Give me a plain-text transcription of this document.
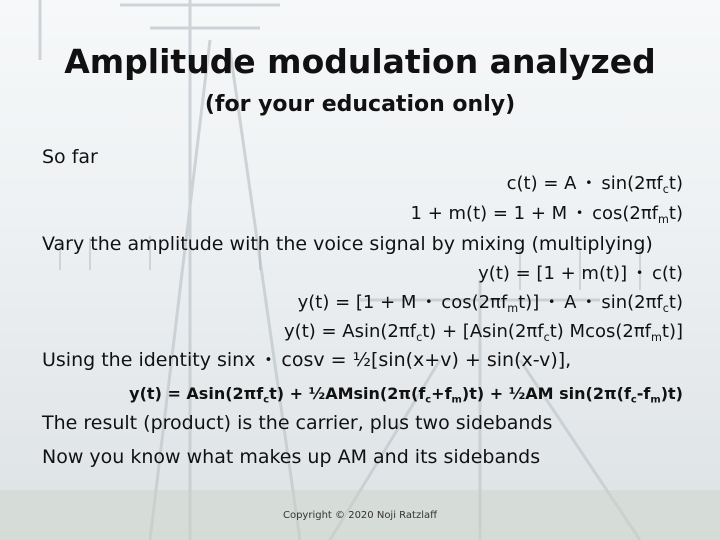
Amplitude modulation analyzed
(for your education only)
So far
c(t) = A • $\sin(2\pi f_ct)$
1 + m(t) = 1 + M • $\cos(2\pi f_mt)$
Vary the amplitude with the voice signal by mixing (multiplying)
y(t) = [1 + m(t)] • c(t)
y(t) = [1 + M • $\cos(2\pi f_mt)$] • A • $\sin(2\pi f_ct)$
$y(t) = Asin(2\pi f_ct) + [Asin(2\pi f_ct)$ $Mcos(2\pi f_mt)$]
Using the identity sinx • cosv = ½[sin(x+v) + sin(x-v)],
$y(t) = Asin(2\pi f_ct)$ + $\frac{1}{2}AMsin(2\pi(f_c+f_m)t)$ + ½AM $\sin(2\pi(f_c-f_m)t)$
The result (product) is the carrier, plus two sidebands
Now you know what makes up AM and its sidebands
Copyright © 2020 Noji Ratzlaff
